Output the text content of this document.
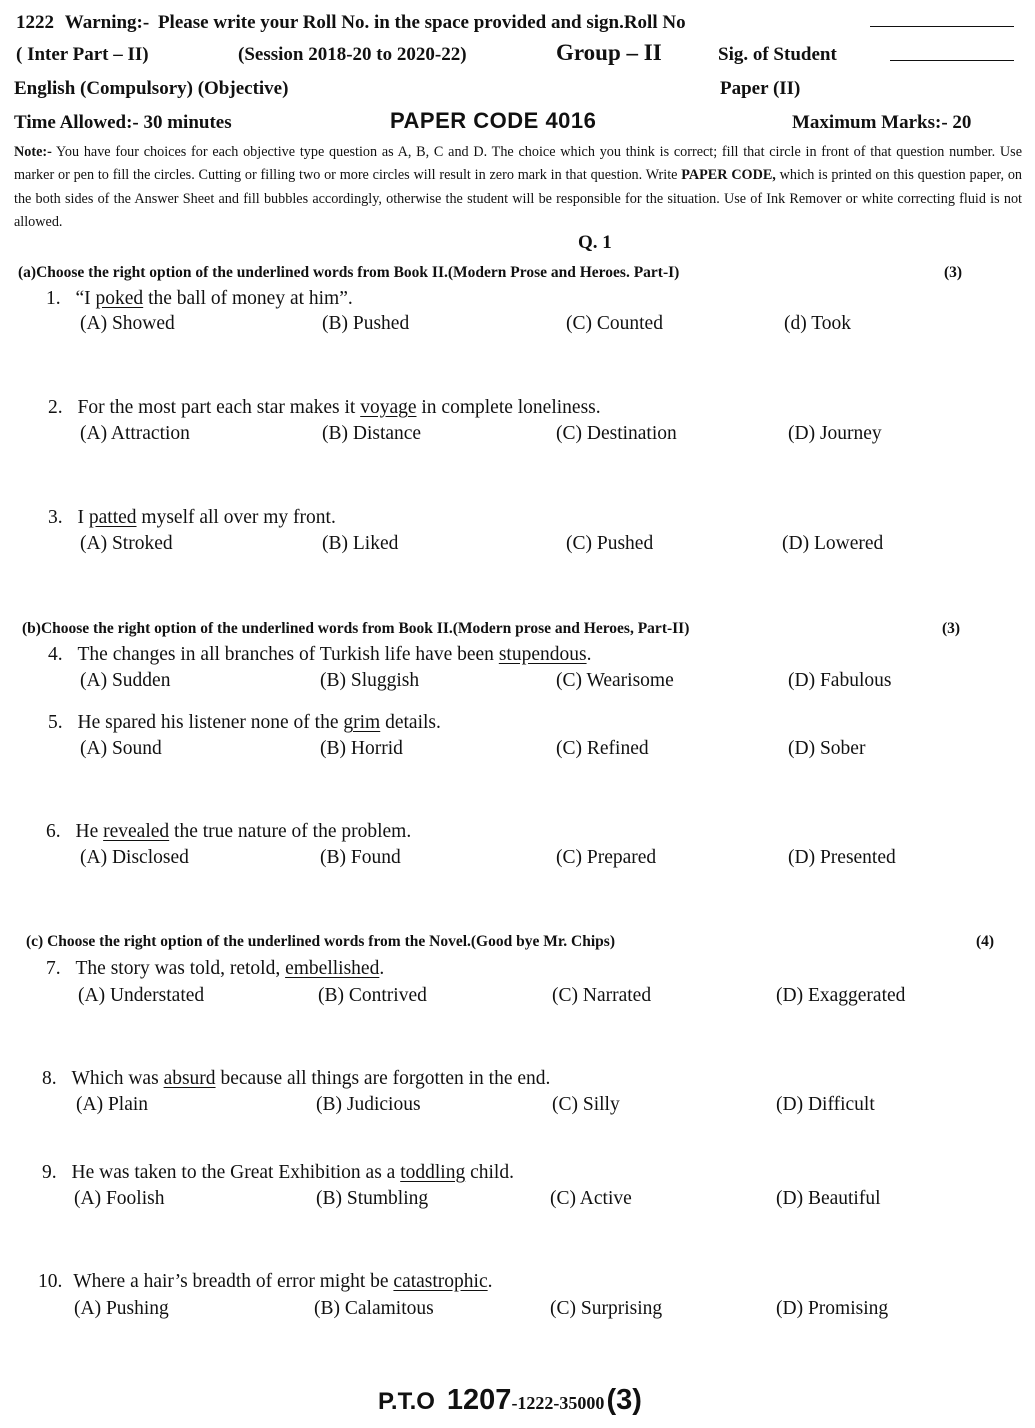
1222 Warning:- Please write your Roll No. in the space provided and sign.Roll No
( Inter Part – II)	(Session 2018-20 to 2020-22)	Group – II	Sig. of Student
English (Compulsory) (Objective)	Paper (II)
Time Allowed:- 30 minutes	PAPER CODE 4016	Maximum Marks:- 20
Note:- You have four choices for each objective type question as A, B, C and D. The choice which you think is correct; fill that circle in front of that question number. Use marker or pen to fill the circles. Cutting or filling two or more circles will result in zero mark in that question. Write PAPER CODE, which is printed on this question paper, on the both sides of the Answer Sheet and fill bubbles accordingly, otherwise the student will be responsible for the situation. Use of Ink Remover or white correcting fluid is not allowed.
Q. 1
(a)Choose the right option of the underlined words from Book II.(Modern Prose and Heroes. Part-I)	(3)
1. “I poked the ball of money at him”.
(A) Showed	(B) Pushed	(C) Counted	(d) Took
2. For the most part each star makes it voyage in complete loneliness.
(A) Attraction	(B) Distance	(C) Destination	(D) Journey
3. I patted myself all over my front.
(A) Stroked	(B) Liked	(C) Pushed	(D) Lowered
(b)Choose the right option of the underlined words from Book II.(Modern prose and Heroes, Part-II)	(3)
4. The changes in all branches of Turkish life have been stupendous.
(A) Sudden	(B) Sluggish	(C) Wearisome	(D) Fabulous
5. He spared his listener none of the grim details.
(A) Sound	(B) Horrid	(C) Refined	(D) Sober
6. He revealed the true nature of the problem.
(A) Disclosed	(B) Found	(C) Prepared	(D) Presented
(c) Choose the right option of the underlined words from the Novel.(Good bye Mr. Chips)	(4)
7. The story was told, retold, embellished.
(A) Understated	(B) Contrived	(C) Narrated	(D) Exaggerated
8. Which was absurd because all things are forgotten in the end.
(A) Plain	(B) Judicious	(C) Silly	(D) Difficult
9. He was taken to the Great Exhibition as a toddling child.
(A) Foolish	(B) Stumbling	(C) Active	(D) Beautiful
10. Where a hair’s breadth of error might be catastrophic.
(A) Pushing	(B) Calamitous	(C) Surprising	(D) Promising
P.T.O 1207-1222-35000(3)
